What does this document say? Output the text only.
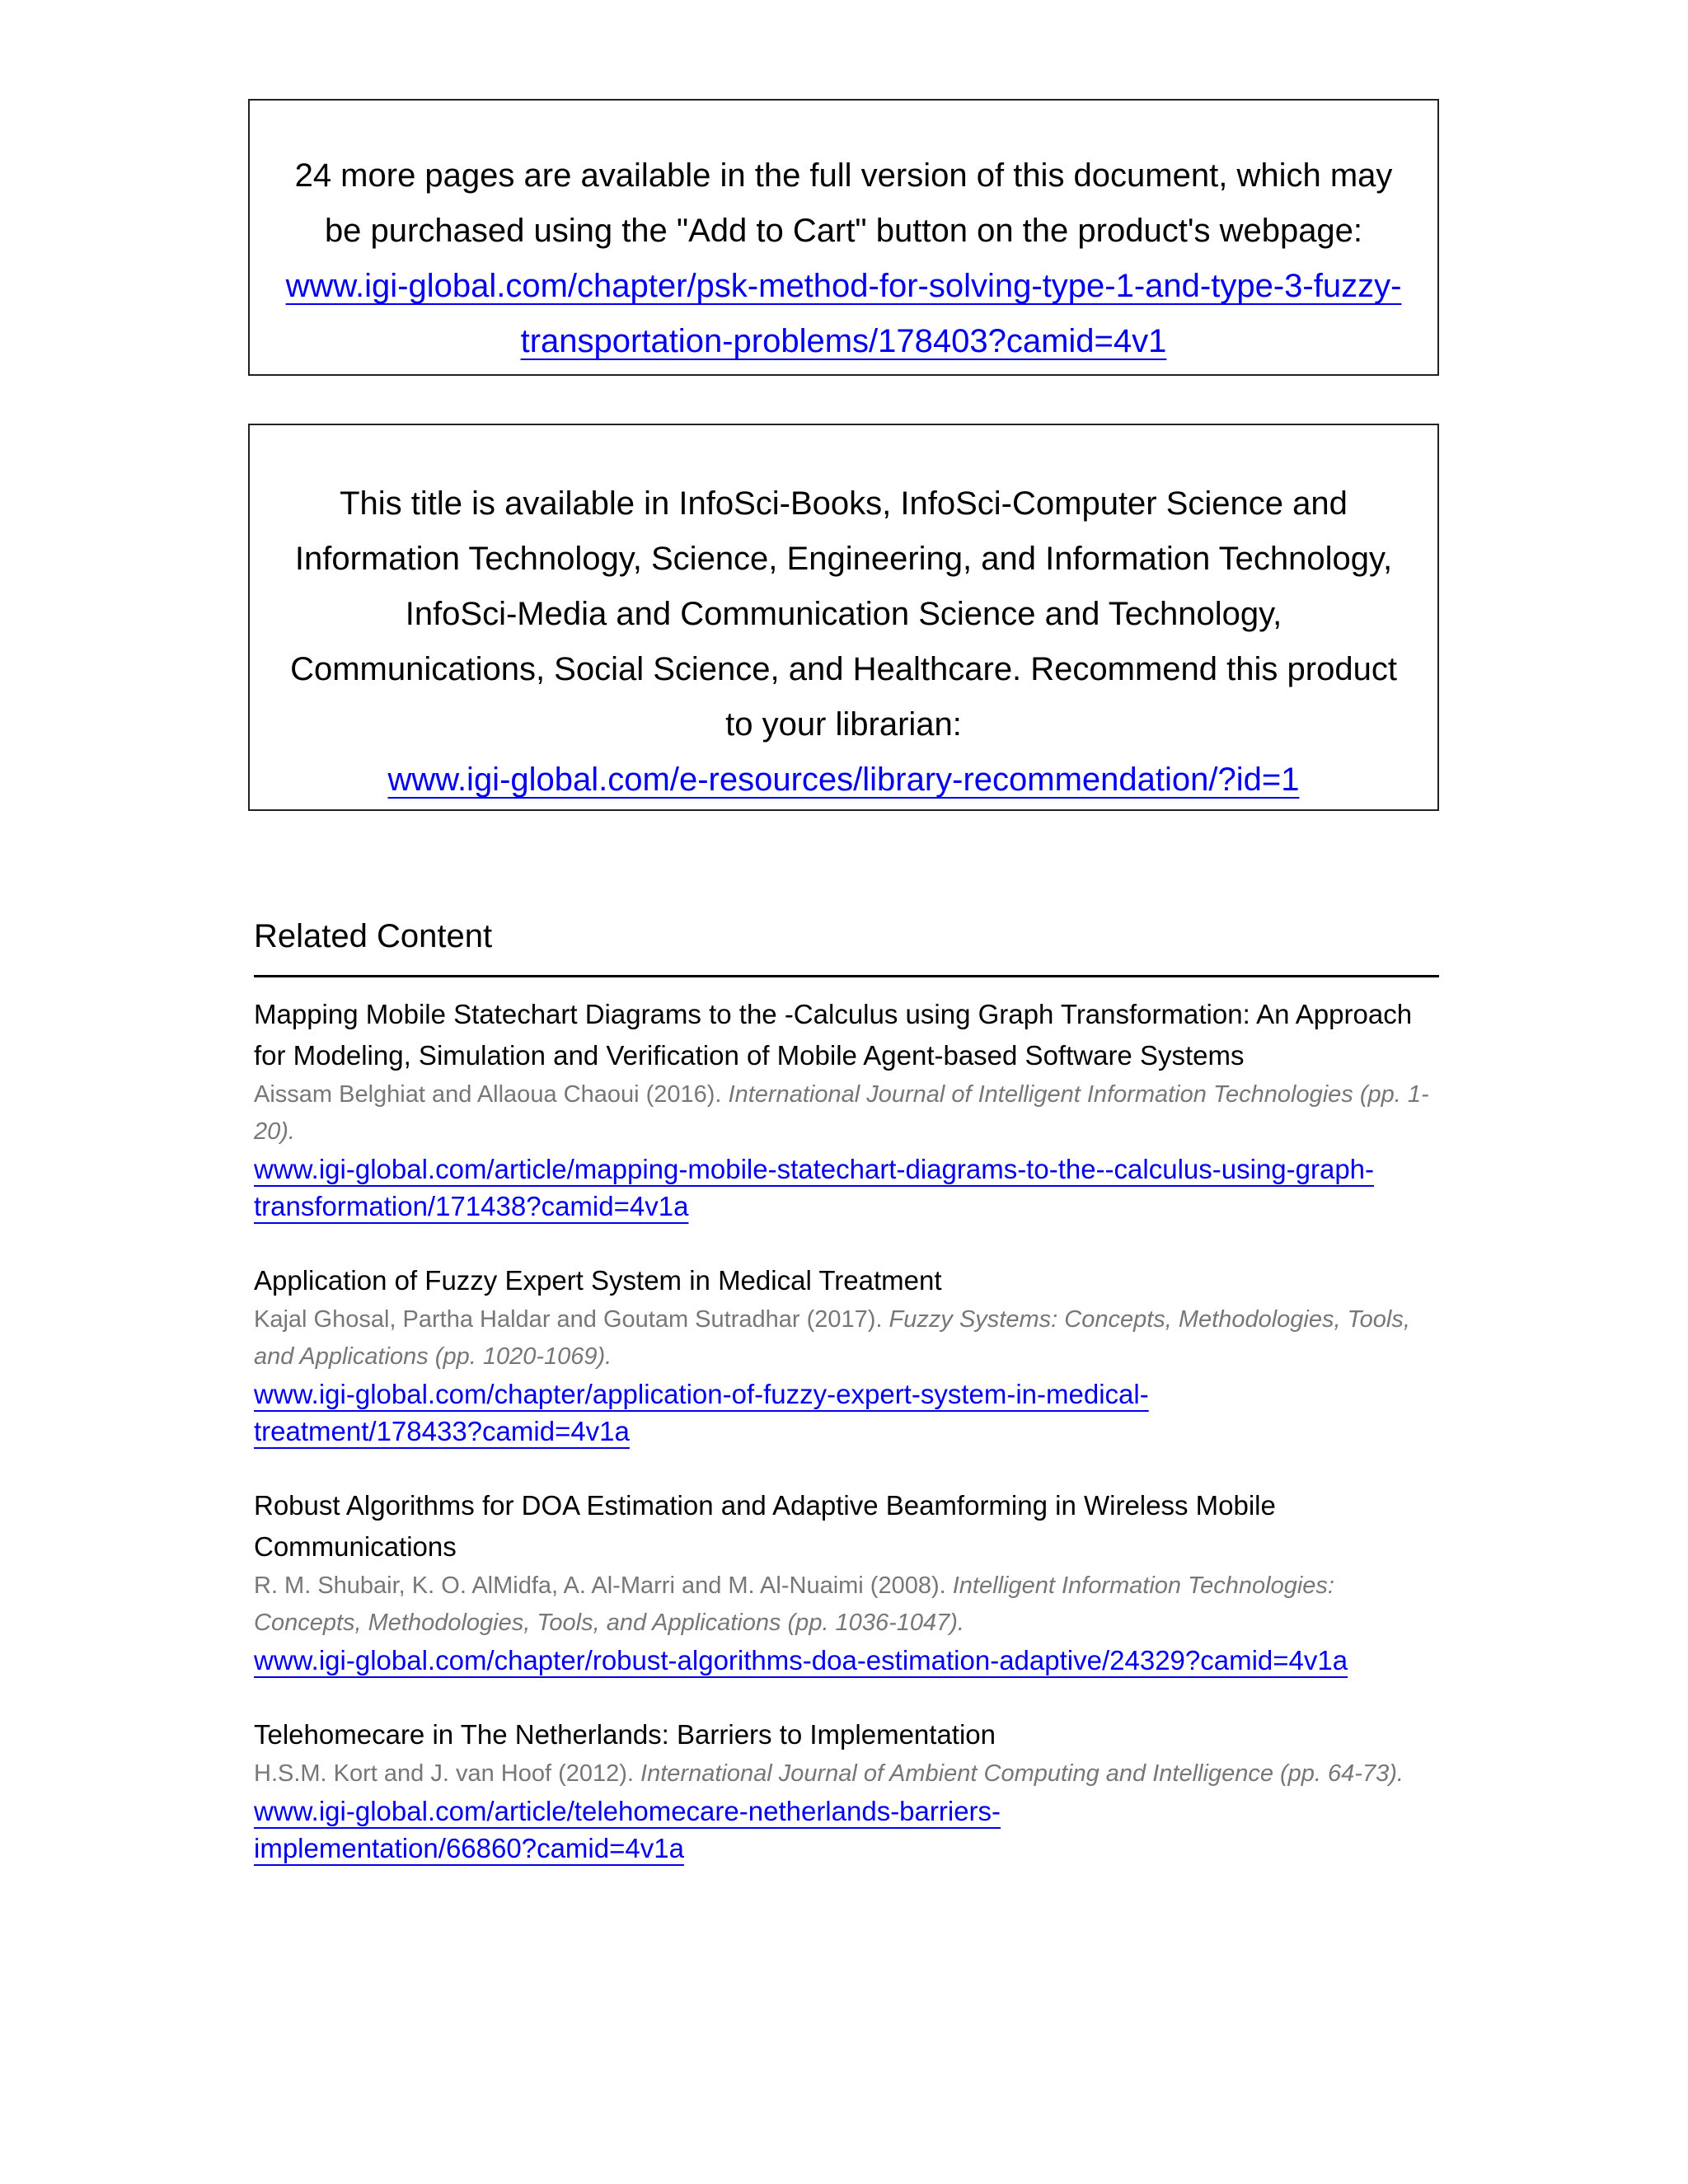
24 more pages are available in the full version of this document, which may be purchased using the "Add to Cart" button on the product's webpage:

www.igi-global.com/chapter/psk-method-for-solving-type-1-and-type-3-fuzzy-
transportation-problems/178403?camid=4v1

This title is available in InfoSci-Books, InfoSci-Computer Science and Information Technology, Science, Engineering, and Information Technology, InfoSci-Media and Communication Science and Technology, Communications, Social Science, and Healthcare. Recommend this product to your librarian:

www.igi-global.com/e-resources/library-recommendation/?id=1

Related Content
Mapping Mobile Statechart Diagrams to the -Calculus using Graph Transformation: An Approach for Modeling, Simulation and Verification of Mobile Agent-based Software Systems
Aissam Belghiat and Allaoua Chaoui (2016). International Journal of Intelligent Information Technologies (pp. 1-20).
www.igi-global.com/article/mapping-mobile-statechart-diagrams-to-the--calculus-using-graph-
transformation/171438?camid=4v1a
Application of Fuzzy Expert System in Medical Treatment
Kajal Ghosal, Partha Haldar and Goutam Sutradhar (2017). Fuzzy Systems: Concepts, Methodologies, Tools, and Applications (pp. 1020-1069).
www.igi-global.com/chapter/application-of-fuzzy-expert-system-in-medical-
treatment/178433?camid=4v1a
Robust Algorithms for DOA Estimation and Adaptive Beamforming in Wireless Mobile Communications
R. M. Shubair, K. O. AlMidfa, A. Al-Marri and M. Al-Nuaimi (2008). Intelligent Information Technologies: Concepts, Methodologies, Tools, and Applications (pp. 1036-1047).
www.igi-global.com/chapter/robust-algorithms-doa-estimation-adaptive/24329?camid=4v1a
Telehomecare in The Netherlands: Barriers to Implementation
H.S.M. Kort and J. van Hoof (2012). International Journal of Ambient Computing and Intelligence (pp. 64-73).
www.igi-global.com/article/telehomecare-netherlands-barriers-
implementation/66860?camid=4v1a
